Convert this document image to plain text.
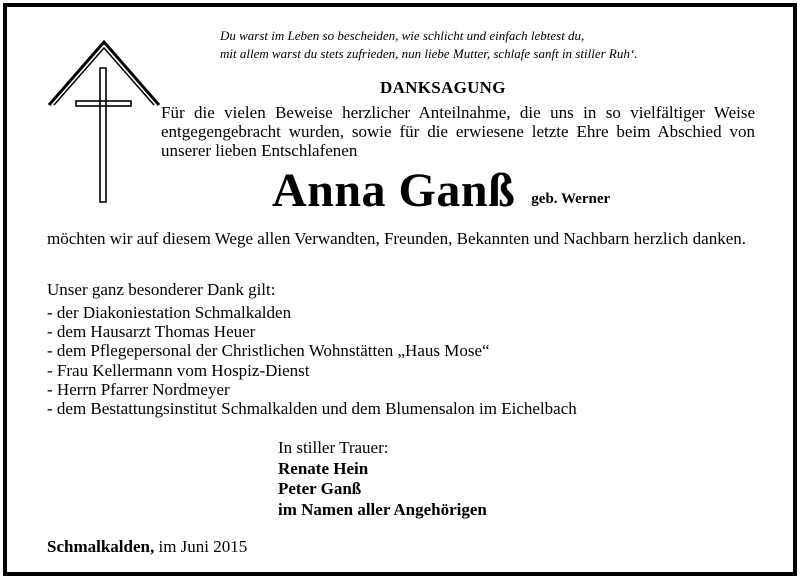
Du warst im Leben so bescheiden, wie schlicht und einfach lebtest du,
mit allem warst du stets zufrieden, nun liebe Mutter, schlafe sanft in stiller Ruh‘.
DANKSAGUNG
Für die vielen Beweise herzlicher Anteilnahme, die uns in so vielfältiger Weise entgegengebracht wurden, sowie für die erwiesene letzte Ehre beim Abschied von unserer lieben Entschlafenen
Anna Ganß geb. Werner
möchten wir auf diesem Wege allen Verwandten, Freunden, Bekannten und Nachbarn herzlich danken.
Unser ganz besonderer Dank gilt:
- der Diakoniestation Schmalkalden
- dem Hausarzt Thomas Heuer
- dem Pflegepersonal der Christlichen Wohnstätten „Haus Mose“
- Frau Kellermann vom Hospiz-Dienst
- Herrn Pfarrer Nordmeyer
- dem Bestattungsinstitut Schmalkalden und dem Blumensalon im Eichelbach
In stiller Trauer:
Renate Hein
Peter Ganß
im Namen aller Angehörigen
Schmalkalden, im Juni 2015
